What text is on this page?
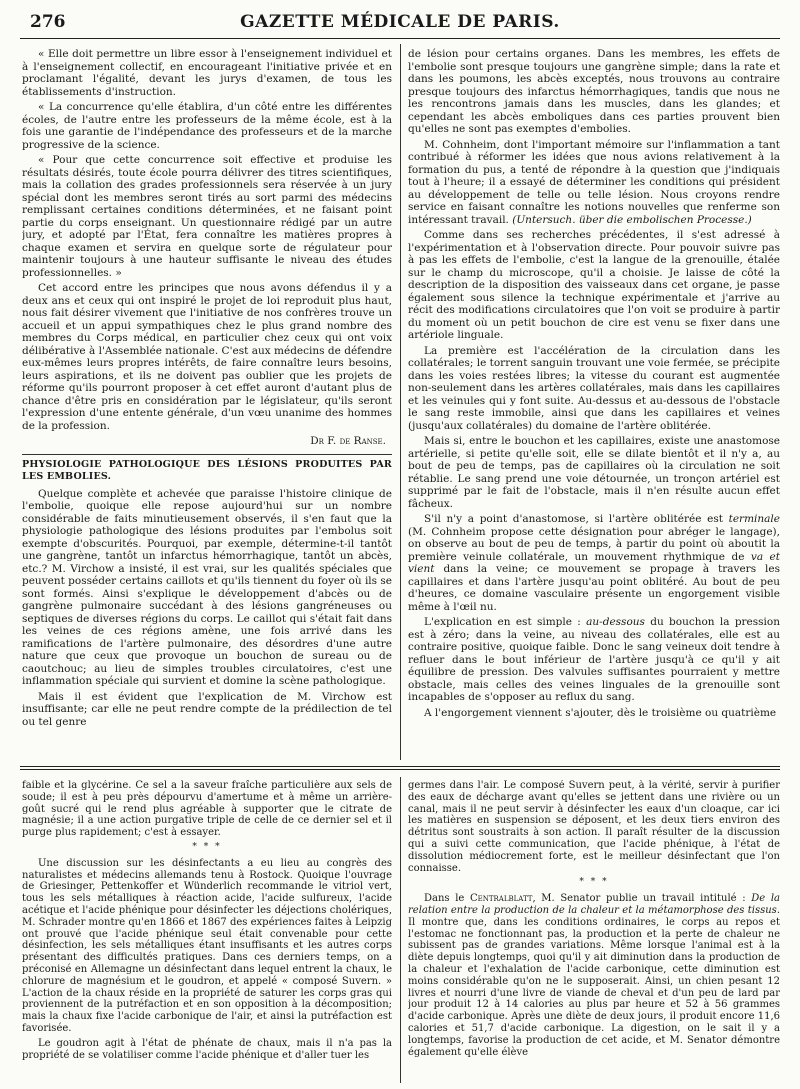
276	GAZETTE MÉDICALE DE PARIS.

« Elle doit permettre un libre essor à l'enseignement individuel et à l'enseignement collectif, en encourageant l'initiative privée et en proclamant l'égalité, devant les jurys d'examen, de tous les établissements d'instruction.

« La concurrence qu'elle établira, d'un côté entre les différentes écoles, de l'autre entre les professeurs de la même école, est à la fois une garantie de l'indépendance des professeurs et de la marche progressive de la science.

« Pour que cette concurrence soit effective et produise les résultats désirés, toute école pourra délivrer des titres scientifiques, mais la collation des grades professionnels sera réservée à un jury spécial dont les membres seront tirés au sort parmi des médecins remplissant certaines conditions déterminées, et ne faisant point partie du corps enseignant. Un questionnaire rédigé par un autre jury, et adopté par l'État, fera connaître les matières propres à chaque examen et servira en quelque sorte de régulateur pour maintenir toujours à une hauteur suffisante le niveau des études professionnelles. »

Cet accord entre les principes que nous avons défendus il y a deux ans et ceux qui ont inspiré le projet de loi reproduit plus haut, nous fait désirer vivement que l'initiative de nos confrères trouve un accueil et un appui sympathiques chez le plus grand nombre des membres du Corps médical, en particulier chez ceux qui ont voix délibérative à l'Assemblée nationale. C'est aux médecins de défendre eux-mêmes leurs propres intérêts, de faire connaître leurs besoins, leurs aspirations, et ils ne doivent pas oublier que les projets de réforme qu'ils pourront proposer à cet effet auront d'autant plus de chance d'être pris en considération par le législateur, qu'ils seront l'expression d'une entente générale, d'un vœu unanime des hommes de la profession.

Dr F. de Ranse.
PHYSIOLOGIE PATHOLOGIQUE DES LÉSIONS PRODUITES PAR LES EMBOLIES.

Quelque complète et achevée que paraisse l'histoire clinique de l'embolie, quoique elle repose aujourd'hui sur un nombre considérable de faits minutieusement observés, il s'en faut que la physiologie pathologique des lésions produites par l'embolus soit exempte d'obscurités. Pourquoi, par exemple, détermine-t-il tantôt une gangrène, tantôt un infarctus hémorrhagique, tantôt un abcès, etc.? M. Virchow a insisté, il est vrai, sur les qualités spéciales que peuvent posséder certains caillots et qu'ils tiennent du foyer où ils se sont formés. Ainsi s'explique le développement d'abcès ou de gangrène pulmonaire succédant à des lésions gangréneuses ou septiques de diverses régions du corps. Le caillot qui s'était fait dans les veines de ces régions amène, une fois arrivé dans les ramifications de l'artère pulmonaire, des désordres d'une autre nature que ceux que provoque un bouchon de sureau ou de caoutchouc; au lieu de simples troubles circulatoires, c'est une inflammation spéciale qui survient et domine la scène pathologique.

Mais il est évident que l'explication de M. Virchow est insuffisante; car elle ne peut rendre compte de la prédilection de tel ou tel genre

de lésion pour certains organes. Dans les membres, les effets de l'embolie sont presque toujours une gangrène simple; dans la rate et dans les poumons, les abcès exceptés, nous trouvons au contraire presque toujours des infarctus hémorrhagiques, tandis que nous ne les rencontrons jamais dans les muscles, dans les glandes; et cependant les abcès emboliques dans ces parties prouvent bien qu'elles ne sont pas exemptes d'embolies.

M. Cohnheim, dont l'important mémoire sur l'inflammation a tant contribué à réformer les idées que nous avions relativement à la formation du pus, a tenté de répondre à la question que j'indiquais tout à l'heure; il a essayé de déterminer les conditions qui président au développement de telle ou telle lésion. Nous croyons rendre service en faisant connaître les notions nouvelles que renferme son intéressant travail. (Untersuch. über die embolischen Processe.)

Comme dans ses recherches précédentes, il s'est adressé à l'expérimentation et à l'observation directe. Pour pouvoir suivre pas à pas les effets de l'embolie, c'est la langue de la grenouille, étalée sur le champ du microscope, qu'il a choisie. Je laisse de côté la description de la disposition des vaisseaux dans cet organe, je passe également sous silence la technique expérimentale et j'arrive au récit des modifications circulatoires que l'on voit se produire à partir du moment où un petit bouchon de cire est venu se fixer dans une artériole linguale.

La première est l'accélération de la circulation dans les collatérales; le torrent sanguin trouvant une voie fermée, se précipite dans les voies restées libres; la vitesse du courant est augmentée non-seulement dans les artères collatérales, mais dans les capillaires et les veinules qui y font suite. Au-dessus et au-dessous de l'obstacle le sang reste immobile, ainsi que dans les capillaires et veines (jusqu'aux collatérales) du domaine de l'artère oblitérée.

Mais si, entre le bouchon et les capillaires, existe une anastomose artérielle, si petite qu'elle soit, elle se dilate bientôt et il n'y a, au bout de peu de temps, pas de capillaires où la circulation ne soit rétablie. Le sang prend une voie détournée, un tronçon artériel est supprimé par le fait de l'obstacle, mais il n'en résulte aucun effet fâcheux.

S'il n'y a point d'anastomose, si l'artère oblitérée est terminale (M. Cohnheim propose cette désignation pour abréger le langage), on observe au bout de peu de temps, à partir du point où aboutit la première veinule collatérale, un mouvement rhythmique de va et vient dans la veine; ce mouvement se propage à travers les capillaires et dans l'artère jusqu'au point oblitéré. Au bout de peu d'heures, ce domaine vasculaire présente un engorgement visible même à l'œil nu.

L'explication en est simple : au-dessous du bouchon la pression est à zéro; dans la veine, au niveau des collatérales, elle est au contraire positive, quoique faible. Donc le sang veineux doit tendre à refluer dans le bout inférieur de l'artère jusqu'à ce qu'il y ait équilibre de pression. Des valvules suffisantes pourraient y mettre obstacle, mais celles des veines linguales de la grenouille sont incapables de s'opposer au reflux du sang.

A l'engorgement viennent s'ajouter, dès le troisième ou quatrième

faible et la glycérine. Ce sel a la saveur fraîche particulière aux sels de soude; il est à peu près dépourvu d'amertume et à même un arrière-goût sucré qui le rend plus agréable à supporter que le citrate de magnésie; il a une action purgative triple de celle de ce dernier sel et il purge plus rapidement; c'est à essayer.

* * *

Une discussion sur les désinfectants a eu lieu au congrès des naturalistes et médecins allemands tenu à Rostock. Quoique l'ouvrage de Griesinger, Pettenkoffer et Wünderlich recommande le vitriol vert, tous les sels métalliques à réaction acide, l'acide sulfureux, l'acide acétique et l'acide phénique pour désinfecter les déjections cholériques, M. Schrader montre qu'en 1866 et 1867 des expériences faites à Leipzig ont prouvé que l'acide phénique seul était convenable pour cette désinfection, les sels métalliques étant insuffisants et les autres corps présentant des difficultés pratiques. Dans ces derniers temps, on a préconisé en Allemagne un désinfectant dans lequel entrent la chaux, le chlorure de magnésium et le goudron, et appelé « composé Suvern. » L'action de la chaux réside en la propriété de saturer les corps gras qui proviennent de la putréfaction et en son opposition à la décomposition; mais la chaux fixe l'acide carbonique de l'air, et ainsi la putréfaction est favorisée.

Le goudron agit à l'état de phénate de chaux, mais il n'a pas la propriété de se volatiliser comme l'acide phénique et d'aller tuer les

germes dans l'air. Le composé Suvern peut, à la vérité, servir à purifier des eaux de décharge avant qu'elles se jettent dans une rivière ou un canal, mais il ne peut servir à désinfecter les eaux d'un cloaque, car ici les matières en suspension se déposent, et les deux tiers environ des détritus sont soustraits à son action. Il paraît résulter de la discussion qui a suivi cette communication, que l'acide phénique, à l'état de dissolution médiocrement forte, est le meilleur désinfectant que l'on connaisse.

* * *

Dans le Centralblatt, M. Senator publie un travail intitulé : De la relation entre la production de la chaleur et la métamorphose des tissus. Il montre que, dans les conditions ordinaires, le corps au repos et l'estomac ne fonctionnant pas, la production et la perte de chaleur ne subissent pas de grandes variations. Même lorsque l'animal est à la diète depuis longtemps, quoi qu'il y ait diminution dans la production de la chaleur et l'exhalation de l'acide carbonique, cette diminution est moins considérable qu'on ne le supposerait. Ainsi, un chien pesant 12 livres et nourri d'une livre de viande de cheval et d'un peu de lard par jour produit 12 à 14 calories au plus par heure et 52 à 56 grammes d'acide carbonique. Après une diète de deux jours, il produit encore 11,6 calories et 51,7 d'acide carbonique. La digestion, on le sait il y a longtemps, favorise la production de cet acide, et M. Senator démontre également qu'elle élève
